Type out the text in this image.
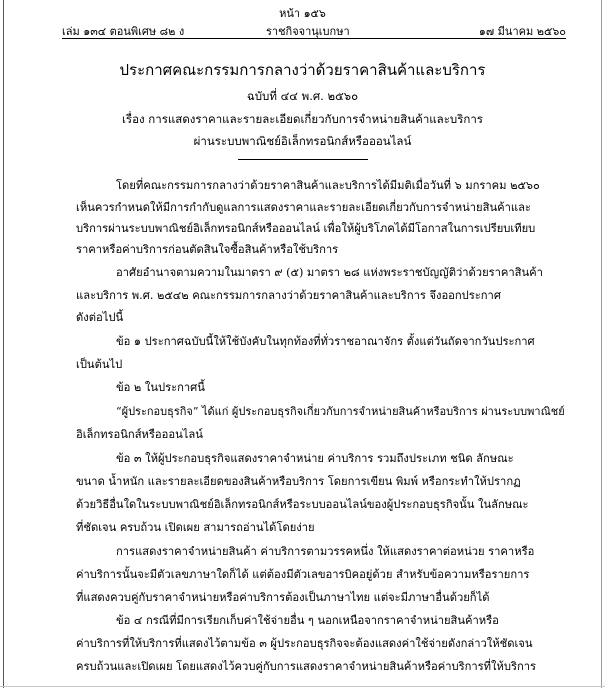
หน้า ๑๕๖
เล่ม ๑๓๔ ตอนพิเศษ ๘๒ ง	ราชกิจจานุเบกษา	๑๗ มีนาคม ๒๕๖๐
ประกาศคณะกรรมการกลางว่าด้วยราคาสินค้าและบริการ
ฉบับที่ ๔๔ พ.ศ. ๒๕๖๐
เรื่อง การแสดงราคาและรายละเอียดเกี่ยวกับการจำหน่ายสินค้าและบริการ
ผ่านระบบพาณิชย์อิเล็กทรอนิกส์หรือออนไลน์
โดยที่คณะกรรมการกลางว่าด้วยราคาสินค้าและบริการได้มีมติเมื่อวันที่ ๖ มกราคม ๒๕๖๐
เห็นควรกำหนดให้มีการกำกับดูแลการแสดงราคาและรายละเอียดเกี่ยวกับการจำหน่ายสินค้าและ
บริการผ่านระบบพาณิชย์อิเล็กทรอนิกส์หรือออนไลน์ เพื่อให้ผู้บริโภคได้มีโอกาสในการเปรียบเทียบ
ราคาหรือค่าบริการก่อนตัดสินใจซื้อสินค้าหรือใช้บริการ
อาศัยอำนาจตามความในมาตรา ๙ (๕) มาตรา ๒๘ แห่งพระราชบัญญัติว่าด้วยราคาสินค้า
และบริการ พ.ศ. ๒๕๔๒ คณะกรรมการกลางว่าด้วยราคาสินค้าและบริการ จึงออกประกาศ
ดังต่อไปนี้
ข้อ ๑ ประกาศฉบับนี้ให้ใช้บังคับในทุกท้องที่ทั่วราชอาณาจักร ตั้งแต่วันถัดจากวันประกาศ
เป็นต้นไป
ข้อ ๒ ในประกาศนี้
“ผู้ประกอบธุรกิจ” ได้แก่ ผู้ประกอบธุรกิจเกี่ยวกับการจำหน่ายสินค้าหรือบริการ ผ่านระบบพาณิชย์
อิเล็กทรอนิกส์หรือออนไลน์
ข้อ ๓ ให้ผู้ประกอบธุรกิจแสดงราคาจำหน่าย ค่าบริการ รวมถึงประเภท ชนิด ลักษณะ
ขนาด น้ำหนัก และรายละเอียดของสินค้าหรือบริการ โดยการเขียน พิมพ์ หรือกระทำให้ปรากฏ
ด้วยวิธีอื่นใดในระบบพาณิชย์อิเล็กทรอนิกส์หรือระบบออนไลน์ของผู้ประกอบธุรกิจนั้น ในลักษณะ
ที่ชัดเจน ครบถ้วน เปิดเผย สามารถอ่านได้โดยง่าย
การแสดงราคาจำหน่ายสินค้า ค่าบริการตามวรรคหนึ่ง ให้แสดงราคาต่อหน่วย ราคาหรือ
ค่าบริการนั้นจะมีตัวเลขภาษาใดก็ได้ แต่ต้องมีตัวเลขอารบิคอยู่ด้วย สำหรับข้อความหรือรายการ
ที่แสดงควบคู่กับราคาจำหน่ายหรือค่าบริการต้องเป็นภาษาไทย แต่จะมีภาษาอื่นด้วยก็ได้
ข้อ ๔ กรณีที่มีการเรียกเก็บค่าใช้จ่ายอื่น ๆ นอกเหนือจากราคาจำหน่ายสินค้าหรือ
ค่าบริการที่ให้บริการที่แสดงไว้ตามข้อ ๓ ผู้ประกอบธุรกิจจะต้องแสดงค่าใช้จ่ายดังกล่าวให้ชัดเจน
ครบถ้วนและเปิดเผย โดยแสดงไว้ควบคู่กับการแสดงราคาจำหน่ายสินค้าหรือค่าบริการที่ให้บริการ
